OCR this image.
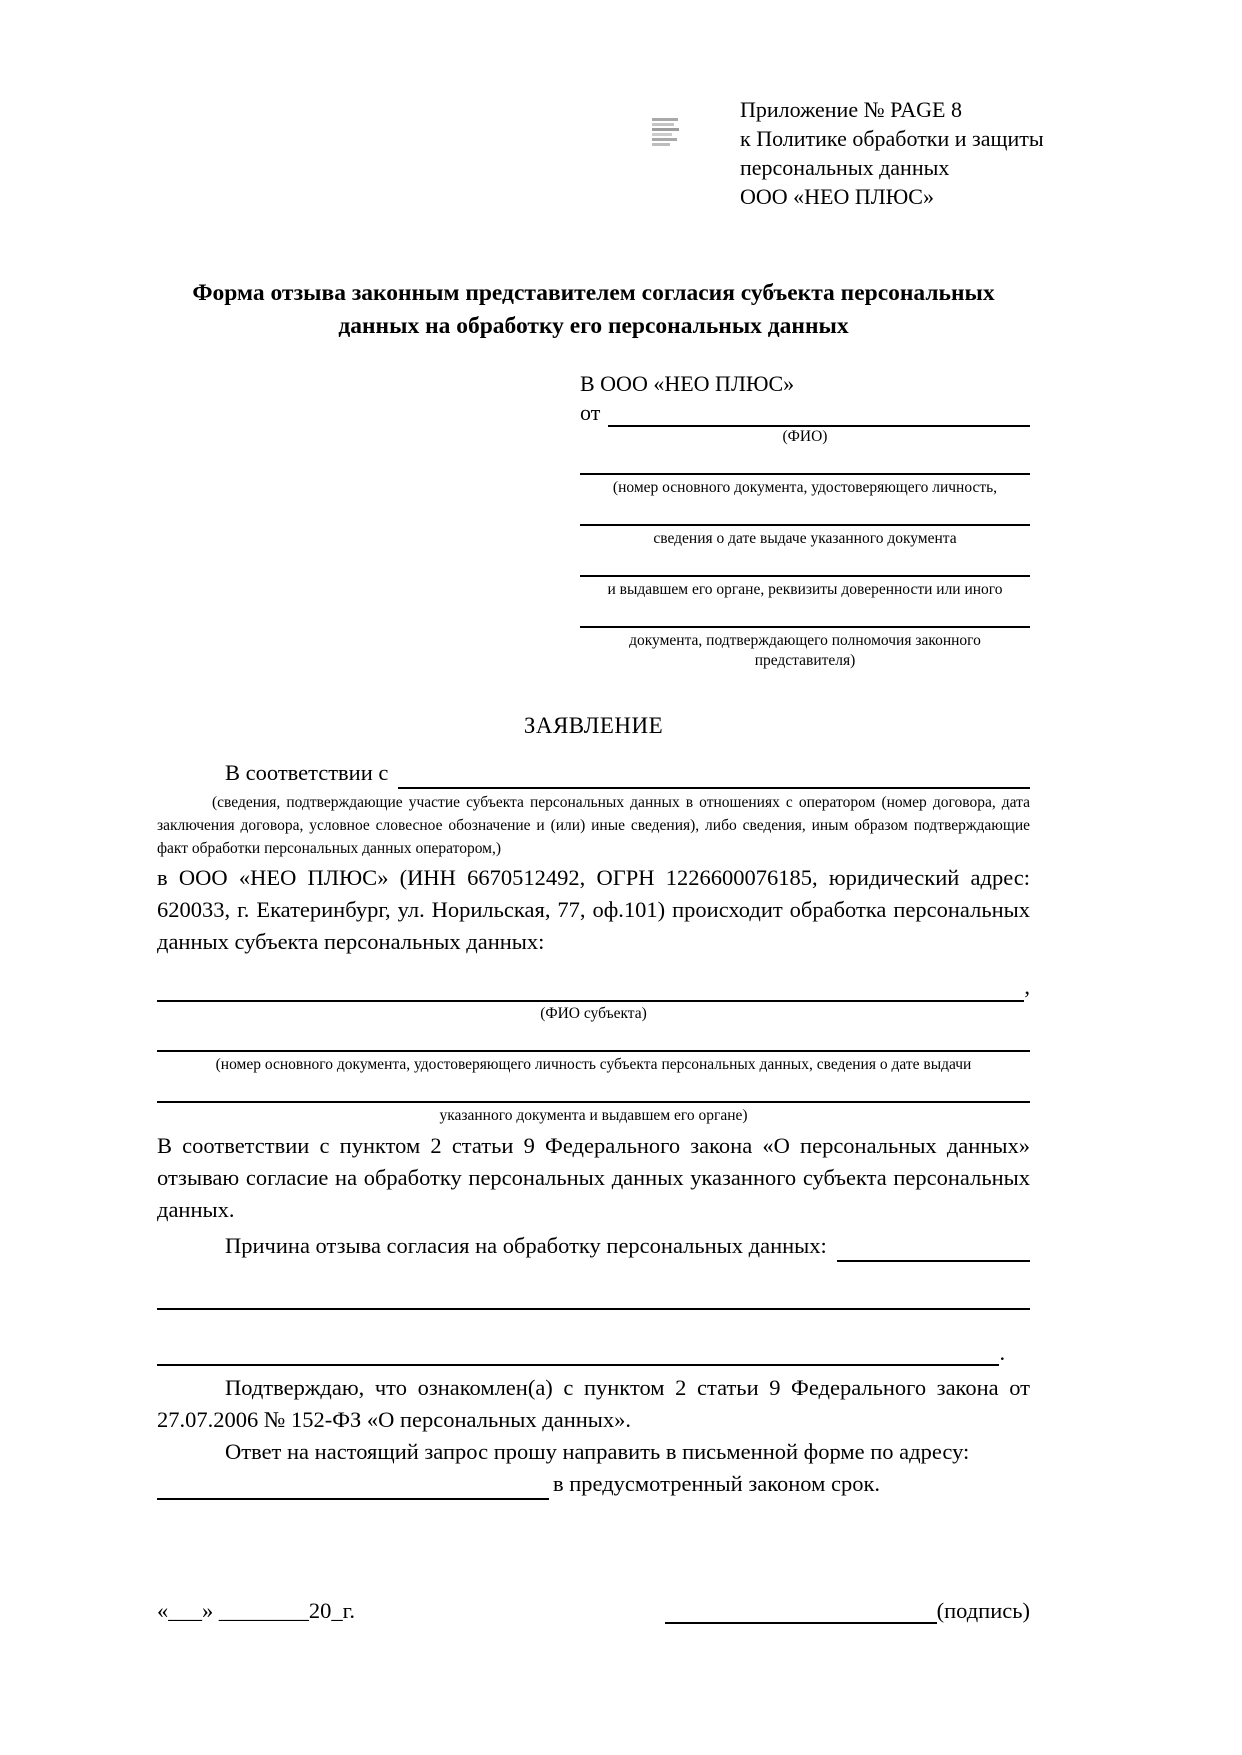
Приложение № PAGE 8
к Политике обработки и защиты
персональных данных
ООО «НЕО ПЛЮС»
Форма отзыва законным представителем согласия субъекта персональных данных на обработку его персональных данных
В ООО «НЕО ПЛЮС»
от
(ФИО)
(номер основного документа, удостоверяющего личность,
сведения о дате выдаче указанного документа
и выдавшем его органе, реквизиты доверенности или иного
документа, подтверждающего полномочия законного представителя)
ЗАЯВЛЕНИЕ
В соответствии с
(сведения, подтверждающие участие субъекта персональных данных в отношениях с оператором (номер договора, дата заключения договора, условное словесное обозначение и (или) иные сведения), либо сведения, иным образом подтверждающие факт обработки персональных данных оператором,)
в ООО «НЕО ПЛЮС» (ИНН 6670512492, ОГРН 1226600076185, юридический адрес: 620033, г. Екатеринбург, ул. Норильская, 77, оф.101) происходит обработка персональных данных субъекта персональных данных:
,
(ФИО субъекта)
(номер основного документа, удостоверяющего личность субъекта персональных данных, сведения о дате выдачи
указанного документа и выдавшем его органе)
В соответствии с пунктом 2 статьи 9 Федерального закона «О персональных данных» отзываю согласие на обработку персональных данных указанного субъекта персональных данных.
Причина отзыва согласия на обработку персональных данных:
.
Подтверждаю, что ознакомлен(а) с пунктом 2 статьи 9 Федерального закона от 27.07.2006 № 152-ФЗ «О персональных данных».
Ответ на настоящий запрос прошу направить в письменной форме по адресу:
в предусмотренный законом срок.
«___» ________20_г.	(подпись)
